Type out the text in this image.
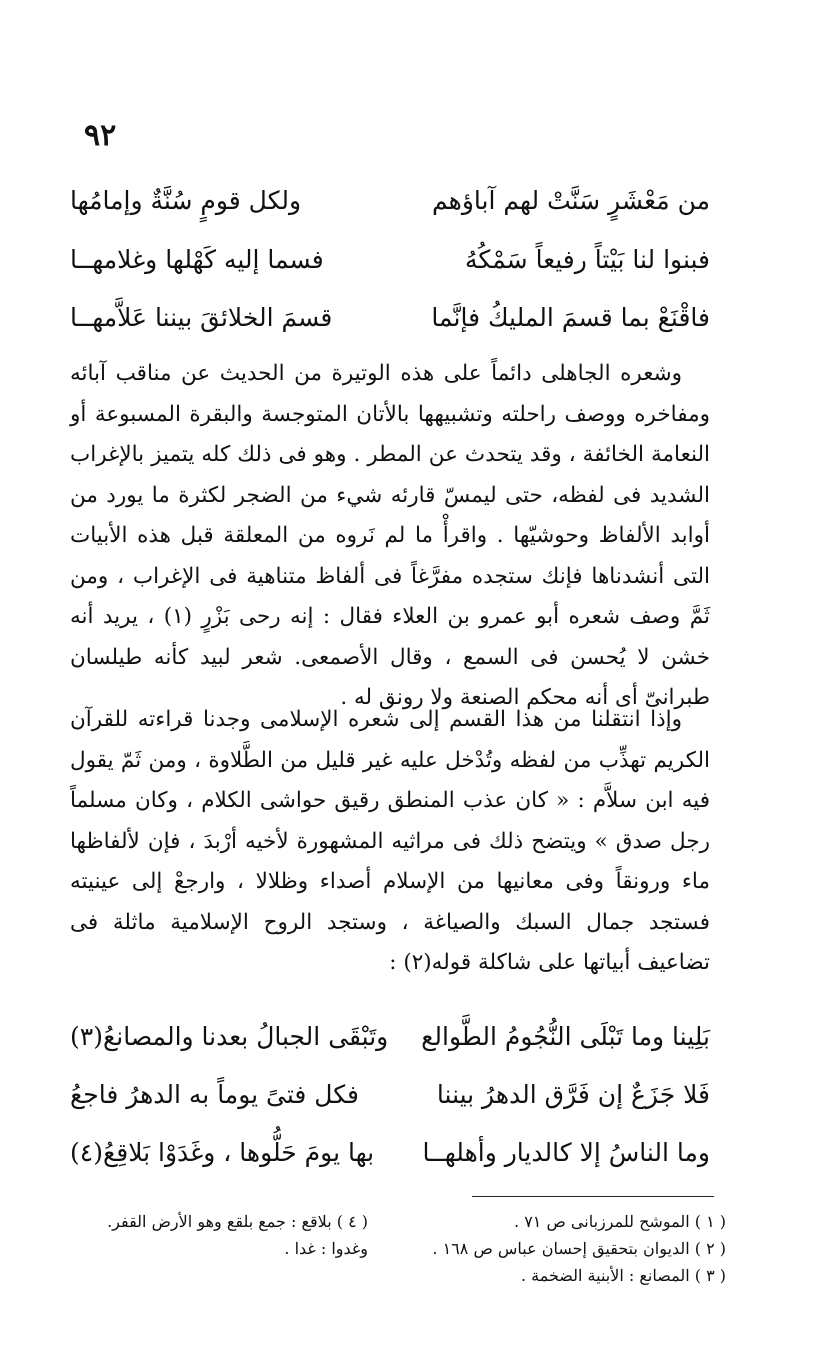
٩٢
من مَعْشَرٍ سَنَّتْ لهم آباؤهم
ولكل قومٍ سُنَّةٌ وإمامُها
فبنوا لنا بَيْتاً رفيعاً سَمْكُهُ
فسما إليه كَهْلها وغلامهــا
فاقْنَعْ بما قسمَ المليكُ فإنَّما
قسمَ الخلائقَ بيننا عَلاَّمهــا

وشعره الجاهلى دائماً على هذه الوتيرة من الحديث عن مناقب آبائه ومفاخره ووصف راحلته وتشبيهها بالأتان المتوجسة والبقرة المسبوعة أو النعامة الخائفة ، وقد يتحدث عن المطر . وهو فى ذلك كله يتميز بالإغراب الشديد فى لفظه، حتى ليمسّ قارئه شيء من الضجر لكثرة ما يورد من أوابد الألفاظ وحوشيّها . واقرأْ ما لم نَروه من المعلقة قبل هذه الأبيات التى أنشدناها فإنك ستجده مفرَّغاً فى ألفاظ متناهية فى الإغراب ، ومن ثَمَّ وصف شعره أبو عمرو بن العلاء فقال : إنه رحى بَزْرٍ (١) ، يريد أنه خشن لا يُحسن فى السمع ، وقال الأصمعى. شعر لبيد كأنه طيلسان طبرانىّ أى أنه محكم الصنعة ولا رونق له .

وإذا انتقلنا من هذا القسم إلى شعره الإسلامى وجدنا قراءته للقرآن الكريم تهذِّب من لفظه وتُدْخل عليه غير قليل من الطَّلاوة ، ومن ثَمّ يقول فيه ابن سلاَّم : « كان عذب المنطق رقيق حواشى الكلام ، وكان مسلماً رجل صدق » ويتضح ذلك فى مراثيه المشهورة لأخيه أرْبدَ ، فإن لألفاظها ماء ورونقاً وفى معانيها من الإسلام أصداء وظلالا ، وارجعْ إلى عينيته فستجد جمال السبك والصياغة ، وستجد الروح الإسلامية ماثلة فى تضاعيف أبياتها على شاكلة قوله(٢) :

بَلِينا وما تَبْلَى النُّجُومُ الطَّوالع
وتَبْقَى الجبالُ بعدنا والمصانعُ(٣)
فَلا جَزَعٌ إن فَرَّق الدهرُ بيننا
فكل فتىً يوماً به الدهرُ فاجعُ
وما الناسُ إلا كالديار وأهلهــا
بها يومَ حَلُّوها ، وغَدَوْا بَلاقِعُ(٤)
( ١ ) الموشح للمرزبانى ص ٧١ .
( ٢ ) الديوان بتحقيق إحسان عباس ص ١٦٨ .
( ٣ ) المصانع : الأبنية الضخمة .
( ٤ ) بلاقع : جمع بلقع وهو الأرض القفر.
وغدوا : غدا .
